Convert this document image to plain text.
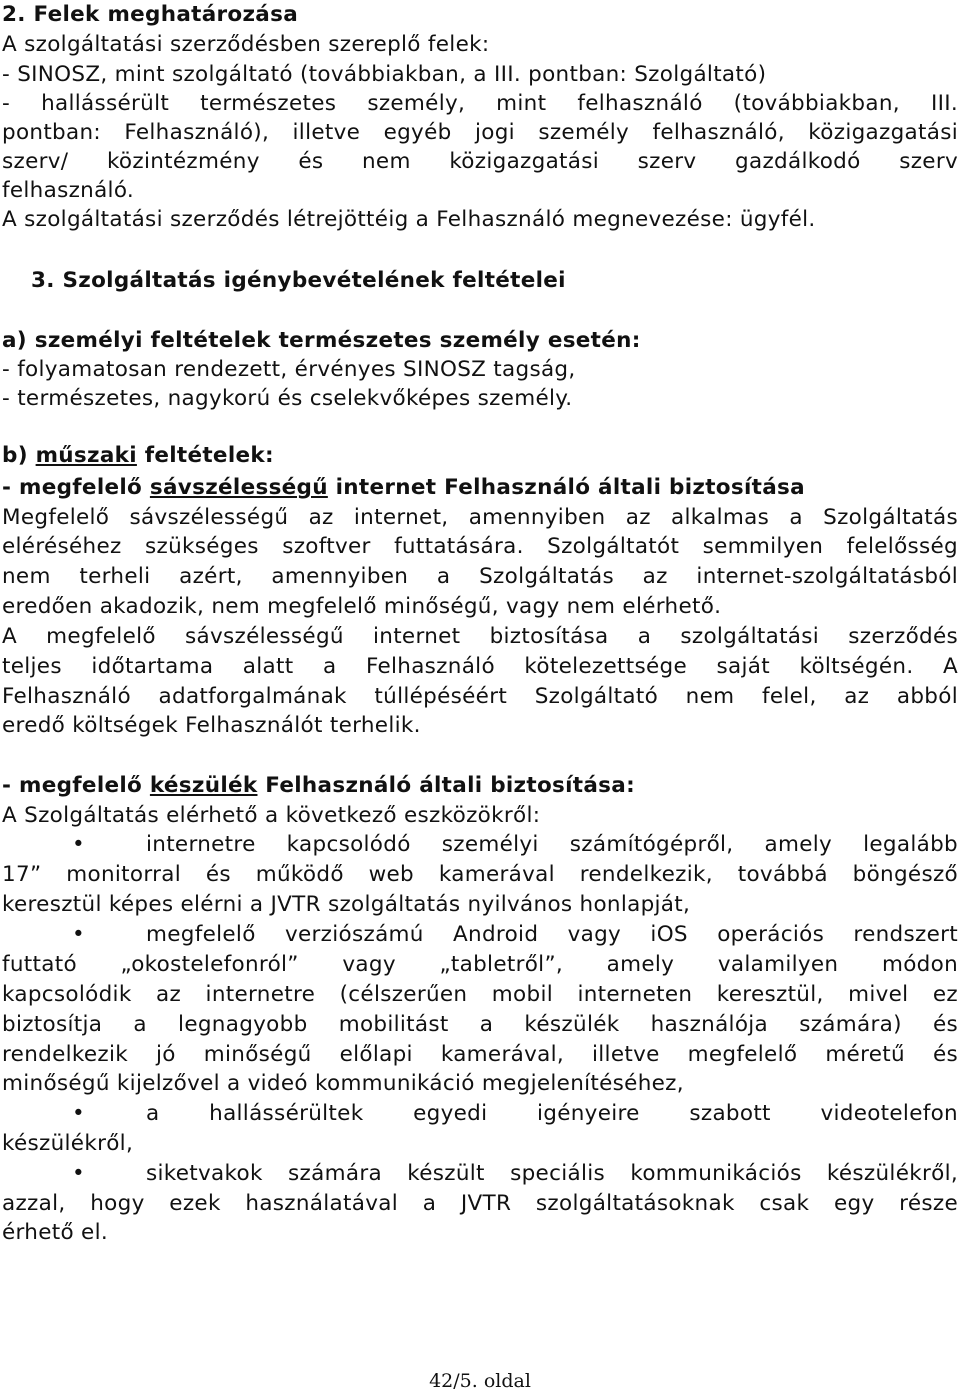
2. Felek meghatározása
A szolgáltatási szerződésben szereplő felek:
- SINOSZ, mint szolgáltató (továbbiakban, a III. pontban: Szolgáltató)
- hallássérült természetes személy, mint felhasználó (továbbiakban, III.
pontban: Felhasználó), illetve egyéb jogi személy felhasználó, közigazgatási
szerv/ közintézmény és nem közigazgatási szerv gazdálkodó szerv
felhasználó.
A szolgáltatási szerződés létrejöttéig a Felhasználó megnevezése: ügyfél.
3. Szolgáltatás igénybevételének feltételei
a) személyi feltételek természetes személy esetén:
- folyamatosan rendezett, érvényes SINOSZ tagság,
- természetes, nagykorú és cselekvőképes személy.
b) műszaki feltételek:
- megfelelő sávszélességű internet Felhasználó általi biztosítása
Megfelelő sávszélességű az internet, amennyiben az alkalmas a Szolgáltatás
eléréséhez szükséges szoftver futtatására. Szolgáltatót semmilyen felelősség
nem terheli azért, amennyiben a Szolgáltatás az internet-szolgáltatásból
eredően akadozik, nem megfelelő minőségű, vagy nem elérhető.
A megfelelő sávszélességű internet biztosítása a szolgáltatási szerződés
teljes időtartama alatt a Felhasználó kötelezettsége saját költségén. A
Felhasználó adatforgalmának túllépéséért Szolgáltató nem felel, az abból
eredő költségek Felhasználót terhelik.
- megfelelő készülék Felhasználó általi biztosítása:
A Szolgáltatás elérhető a következő eszközökről:
•	internetre kapcsolódó személyi számítógépről, amely legalább
17” monitorral és működő web kamerával rendelkezik, továbbá böngésző
keresztül képes elérni a JVTR szolgáltatás nyilvános honlapját,
•	megfelelő verziószámú Android vagy iOS operációs rendszert
futtató „okostelefonról” vagy „tabletről”, amely valamilyen módon
kapcsolódik az internetre (célszerűen mobil interneten keresztül, mivel ez
biztosítja a legnagyobb mobilitást a készülék használója számára) és
rendelkezik jó minőségű előlapi kamerával, illetve megfelelő méretű és
minőségű kijelzővel a videó kommunikáció megjelenítéséhez,
•	a hallássérültek egyedi igényeire szabott videotelefon
készülékről,
•	siketvakok számára készült speciális kommunikációs készülékről,
azzal, hogy ezek használatával a JVTR szolgáltatásoknak csak egy része
érhető el.
42/5. oldal
